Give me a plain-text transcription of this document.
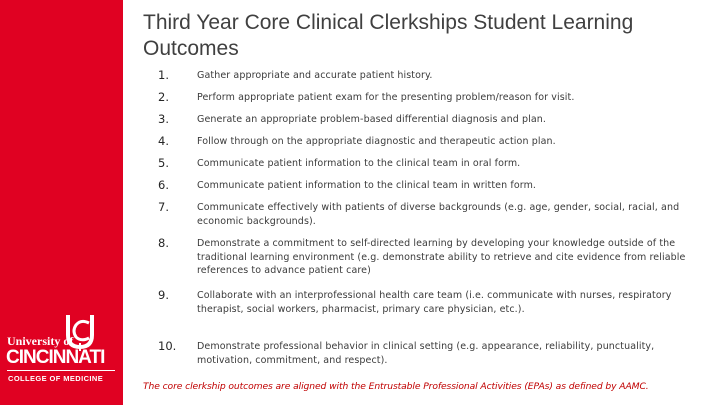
University of
CINCINNATI
COLLEGE OF MEDICINE
Third Year Core Clinical Clerkships Student Learning Outcomes
1.	Gather appropriate and accurate patient history.
2.	Perform appropriate patient exam for the presenting problem/reason for visit.
3.	Generate an appropriate problem-based differential diagnosis and plan.
4.	Follow through on the appropriate diagnostic and therapeutic action plan.
5.	Communicate patient information to the clinical team in oral form.
6.	Communicate patient information to the clinical team in written form.
7.	Communicate effectively with patients of diverse backgrounds (e.g. age, gender, social, racial, and economic backgrounds).
8.	Demonstrate a commitment to self-directed learning by developing your knowledge outside of the traditional learning environment (e.g. demonstrate ability to retrieve and cite evidence from reliable references to advance patient care)
9.	Collaborate with an interprofessional health care team (i.e. communicate with nurses, respiratory therapist, social workers, pharmacist, primary care physician, etc.).
10.	Demonstrate professional behavior in clinical setting (e.g. appearance, reliability, punctuality, motivation, commitment, and respect).
The core clerkship outcomes are aligned with the Entrustable Professional Activities (EPAs) as defined by AAMC.
